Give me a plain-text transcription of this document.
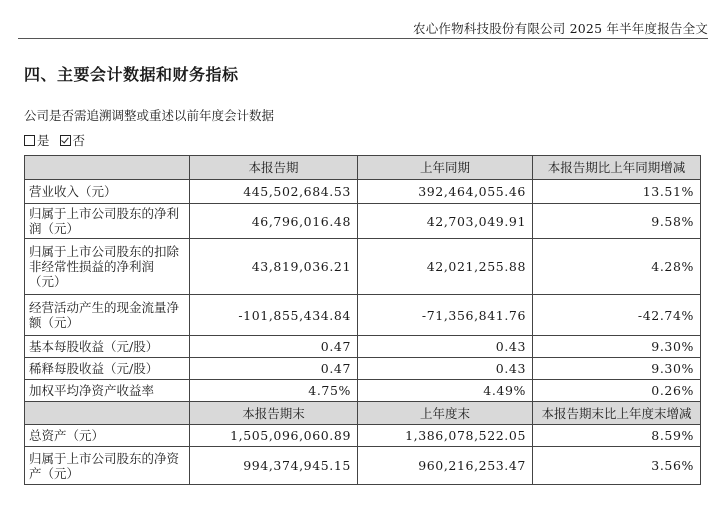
农心作物科技股份有限公司 2025 年半年度报告全文
四、主要会计数据和财务指标
公司是否需追溯调整或重述以前年度会计数据
是 否
	本报告期	上年同期	本报告期比上年同期增减
营业收入（元）	445,502,684.53	392,464,055.46	13.51%
归属于上市公司股东的净利润（元）	46,796,016.48	42,703,049.91	9.58%
归属于上市公司股东的扣除非经常性损益的净利润（元）	43,819,036.21	42,021,255.88	4.28%
经营活动产生的现金流量净额（元）	-101,855,434.84	-71,356,841.76	-42.74%
基本每股收益（元/股）	0.47	0.43	9.30%
稀释每股收益（元/股）	0.47	0.43	9.30%
加权平均净资产收益率	4.75%	4.49%	0.26%
	本报告期末	上年度末	本报告期末比上年度末增减
总资产（元）	1,505,096,060.89	1,386,078,522.05	8.59%
归属于上市公司股东的净资产（元）	994,374,945.15	960,216,253.47	3.56%
